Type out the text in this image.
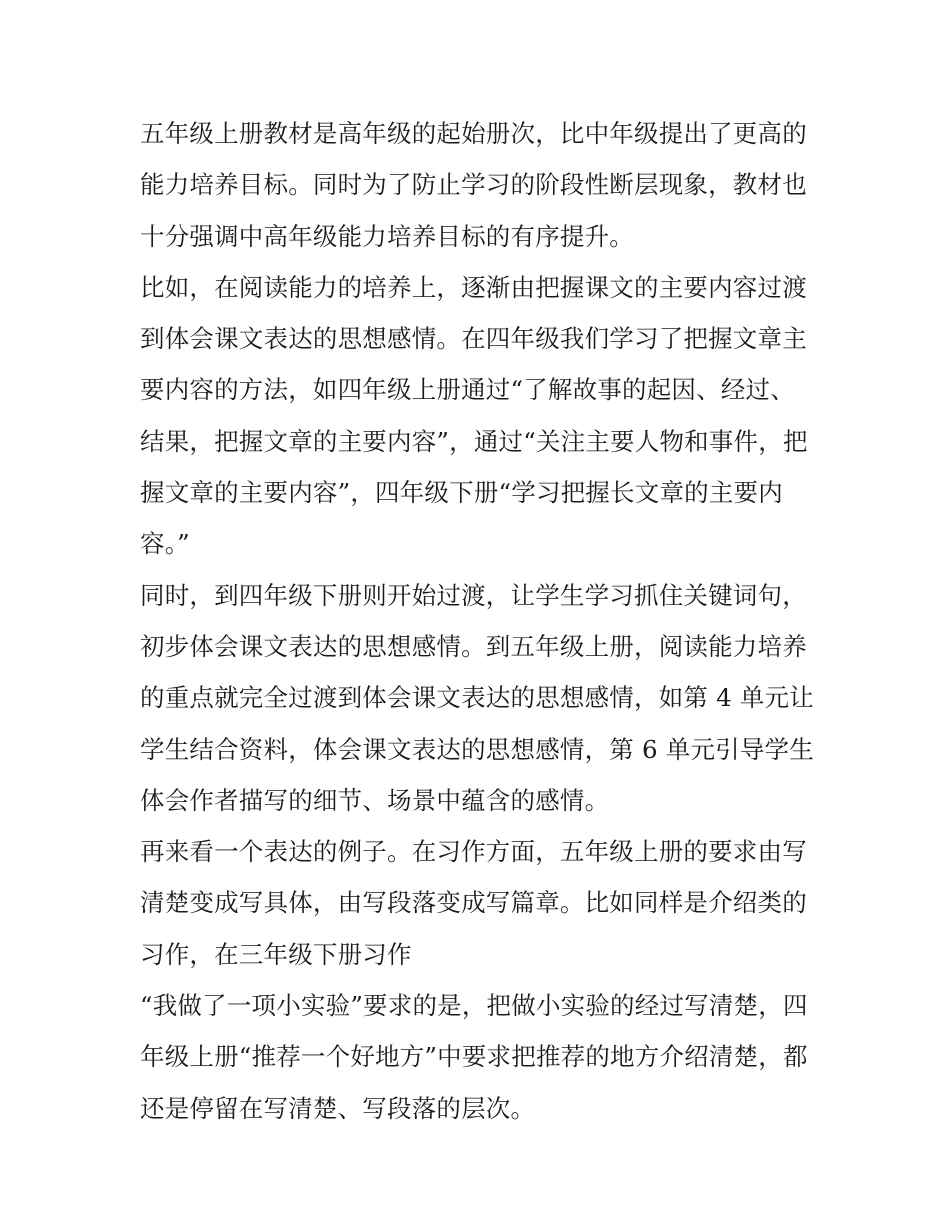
五年级上册教材是高年级的起始册次，比中年级提出了更高的
能力培养目标。同时为了防止学习的阶段性断层现象，教材也
十分强调中高年级能力培养目标的有序提升。
比如，在阅读能力的培养上，逐渐由把握课文的主要内容过渡
到体会课文表达的思想感情。在四年级我们学习了把握文章主
要内容的方法，如四年级上册通过“了解故事的起因、经过、
结果，把握文章的主要内容”，通过“关注主要人物和事件，把
握文章的主要内容”，四年级下册“学习把握长文章的主要内
容。”
同时，到四年级下册则开始过渡，让学生学习抓住关键词句，
初步体会课文表达的思想感情。到五年级上册，阅读能力培养
的重点就完全过渡到体会课文表达的思想感情，如第 4 单元让
学生结合资料，体会课文表达的思想感情，第 6 单元引导学生
体会作者描写的细节、场景中蕴含的感情。
再来看一个表达的例子。在习作方面，五年级上册的要求由写
清楚变成写具体，由写段落变成写篇章。比如同样是介绍类的
习作，在三年级下册习作
“我做了一项小实验”要求的是，把做小实验的经过写清楚，四
年级上册“推荐一个好地方”中要求把推荐的地方介绍清楚，都
还是停留在写清楚、写段落的层次。
